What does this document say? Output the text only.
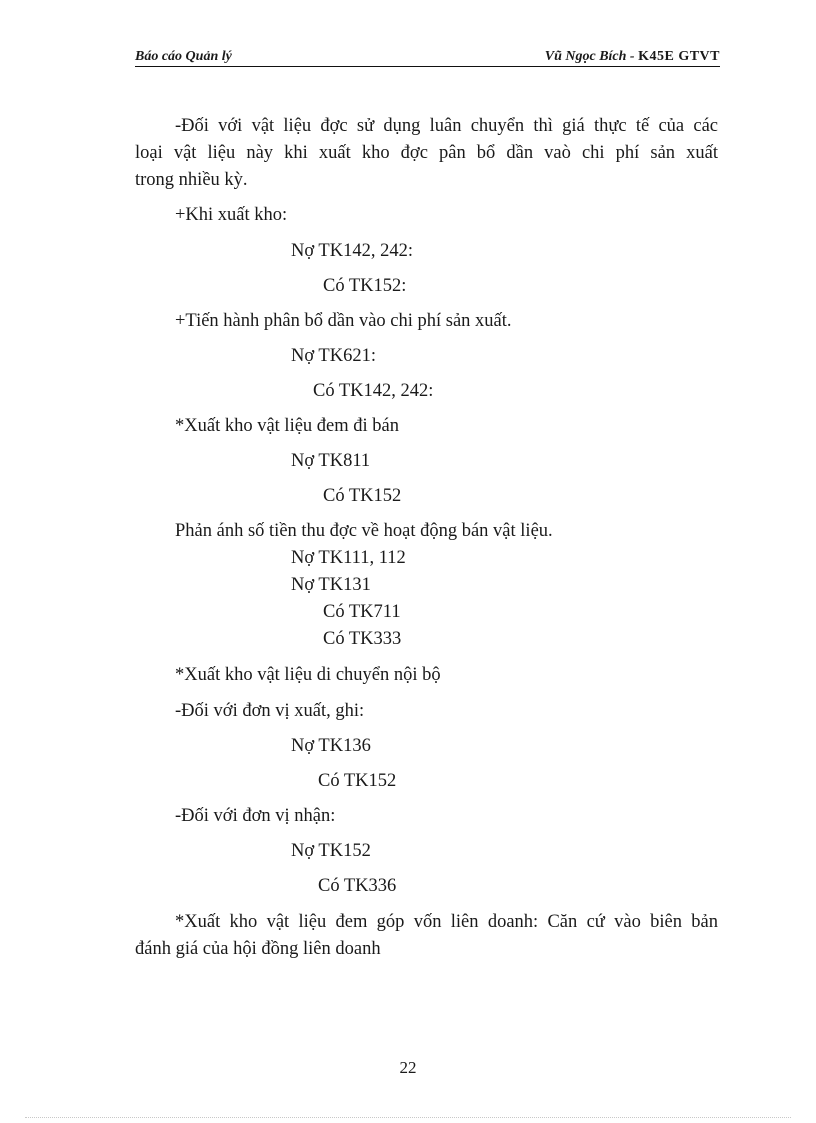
Báo cáo Quản lý	Vũ Ngọc Bích - K45E GTVT
-Đối với vật liệu đợc sử dụng luân chuyển thì giá thực tế của các
loại vật liệu này khi xuất kho đợc pân bổ dần vaò chi phí sản xuất
trong nhiều kỳ.
+Khi xuất kho:
Nợ TK142, 242:
Có TK152:
+Tiến hành phân bổ dần vào chi phí sản xuất.
Nợ TK621:
Có TK142, 242:
*Xuất kho vật liệu đem đi bán
Nợ TK811
Có TK152
Phản ánh số tiền thu đợc về hoạt động bán vật liệu.
Nợ TK111, 112
Nợ TK131
Có TK711
Có TK333
*Xuất kho vật liệu di chuyển nội bộ
-Đối với đơn vị xuất, ghi:
Nợ TK136
Có TK152
-Đối với đơn vị nhận:
Nợ TK152
Có TK336
*Xuất kho vật liệu đem góp vốn liên doanh: Căn cứ vào biên bản
đánh giá của hội đồng liên doanh
22
